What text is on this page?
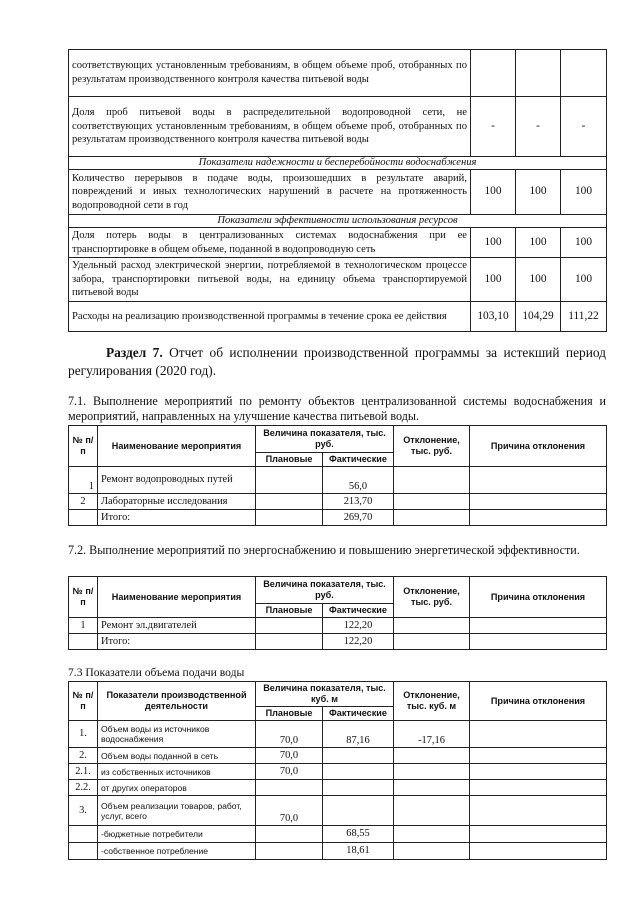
соответствующих установленным требованиям, в общем объеме проб, отобранных по результатам производственного контроля качества питьевой воды			
Доля проб питьевой воды в распределительной водопроводной сети, не соответствующих установленным требованиям, в общем объеме проб, отобранных по результатам производственного контроля качества питьевой воды	-	-	-
Показатели надежности и бесперебойности водоснабжения			
Количество перерывов в подаче воды, произошедших в результате аварий, повреждений и иных технологических нарушений в расчете на протяженность водопроводной сети в год	100	100	100
Показатели эффективности использования ресурсов			
Доля потерь воды в централизованных системах водоснабжения при ее транспортировке в общем объеме, поданной в водопроводную сеть	100	100	100
Удельный расход электрической энергии, потребляемой в технологическом процессе забора, транспортировки питьевой воды, на единицу объема транспортируемой питьевой воды	100	100	100
Расходы на реализацию производственной программы в течение срока ее действия	103,10	104,29	111,22
Раздел 7. Отчет об исполнении производственной программы за истекший период регулирования (2020 год).
7.1. Выполнение мероприятий по ремонту объектов централизованной системы водоснабжения и мероприятий, направленных на улучшение качества питьевой воды.
№ п/п	Наименование мероприятия	Величина показателя, тыс. руб.		Отклонение, тыс. руб.	Причина отклонения
		Плановые	Фактические		
1	Ремонт водопроводных путей		56,0		
2	Лабораторные исследования		213,70		
	Итого:		269,70		
7.2. Выполнение мероприятий по энергоснабжению и повышению энергетической эффективности.
№ п/п	Наименование мероприятия	Величина показателя, тыс. руб.		Отклонение, тыс. руб.	Причина отклонения
		Плановые	Фактические		
1	Ремонт эл.двигателей		122,20		
	Итого:		122,20		
7.3 Показатели объема подачи воды
№ п/п	Показатели производственной деятельности	Величина показателя, тыс. куб. м		Отклонение, тыс. куб. м	Причина отклонения
		Плановые	Фактические		
1.	Объем воды из источников водоснабжения	70,0	87,16	-17,16	
2.	Объем воды поданной в сеть	70,0			
2.1.	из собственных источников	70,0			
2.2.	от других операторов				
3.	Объем реализации товаров, работ, услуг, всего	70,0			
	-бюджетные потребители		68,55		
	-собственное потребление		18,61		
